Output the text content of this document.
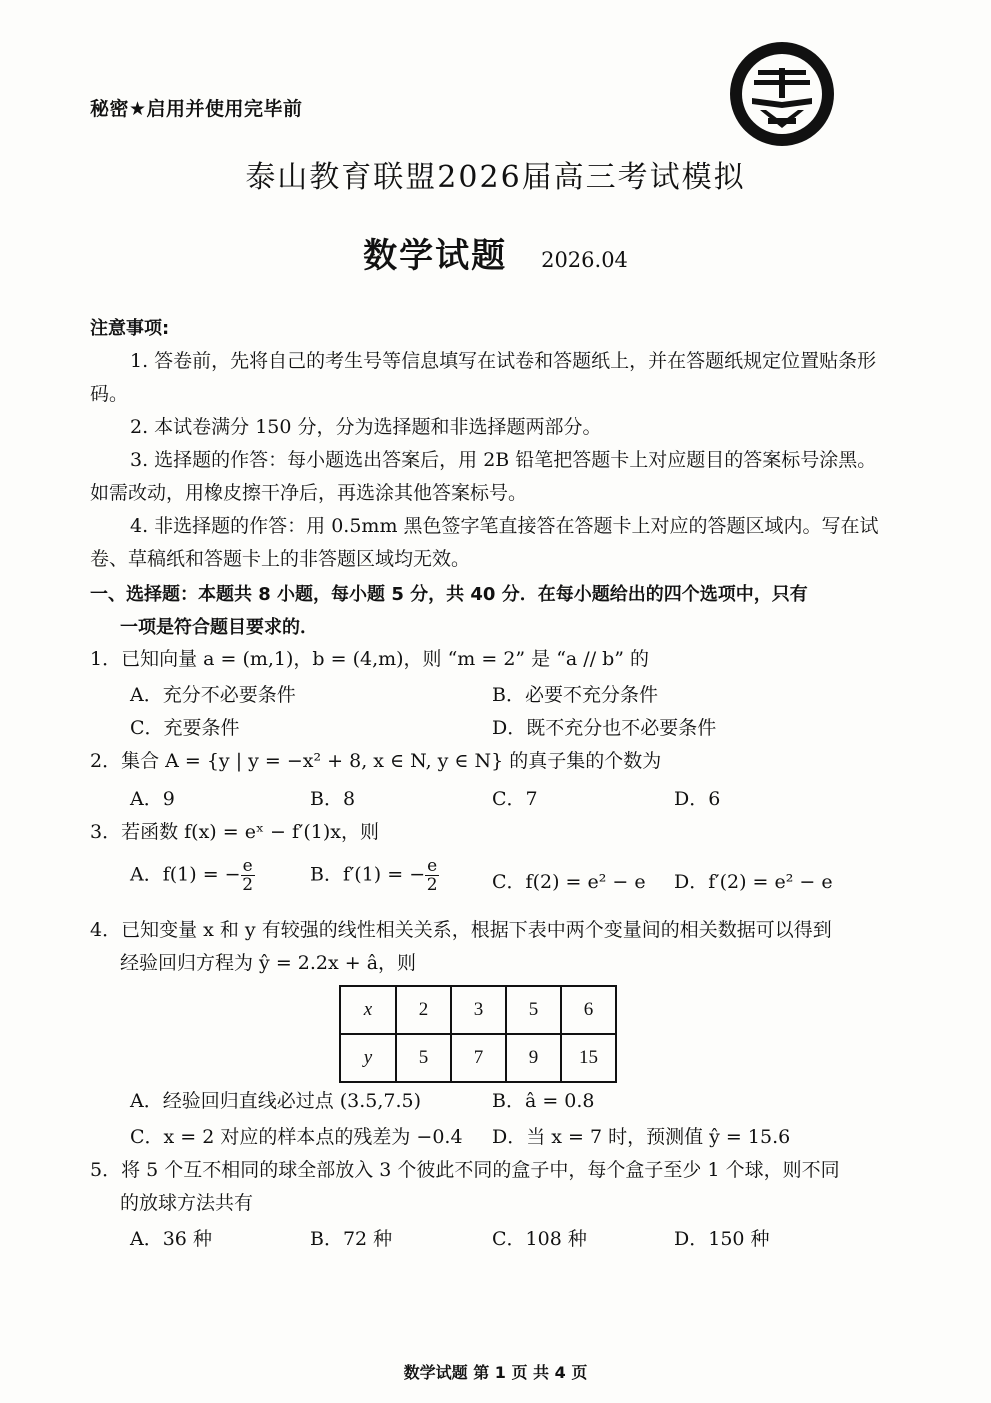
秘密★启用并使用完毕前
泰山教育联盟2026届高三考试模拟
数学试题 2026.04
注意事项:

1. 答卷前，先将自己的考生号等信息填写在试卷和答题纸上，并在答题纸规定位置贴条形码。

2. 本试卷满分 150 分，分为选择题和非选择题两部分。

3. 选择题的作答：每小题选出答案后，用 2B 铅笔把答题卡上对应题目的答案标号涂黑。如需改动，用橡皮擦干净后，再选涂其他答案标号。

4. 非选择题的作答：用 0.5mm 黑色签字笔直接答在答题卡上对应的答题区域内。写在试卷、草稿纸和答题卡上的非答题区域均无效。

一、选择题：本题共 8 小题，每小题 5 分，共 40 分．在每小题给出的四个选项中，只有
一项是符合题目要求的．
1．已知向量 a = (m,1)，b = (4,m)，则 “m = 2” 是 “a // b” 的
A．充分不必要条件	B．必要不充分条件
C．充要条件	D．既不充分也不必要条件
2．集合 A = {y | y = −x² + 8, x ∈ N, y ∈ N} 的真子集的个数为
A．9	B．8	C．7	D．6
3．若函数 f(x) = eˣ − f′(1)x，则
A．f(1) = − $\frac{e}{2}$	B．f′(1) = − $\frac{e}{2}$	C．f(2) = e² − e D．f′(2) = e² − e
4．已知变量 x 和 y 有较强的线性相关关系，根据下表中两个变量间的相关数据可以得到
经验回归方程为 ŷ = 2.2x + â，则
x	2	3	5	6
y	5	7	9	15
A．经验回归直线必过点 (3.5,7.5)	B．â = 0.8
C．x = 2 对应的样本点的残差为 −0.4 D．当 x = 7 时，预测值 ŷ = 15.6
5．将 5 个互不相同的球全部放入 3 个彼此不同的盒子中，每个盒子至少 1 个球，则不同
的放球方法共有
A．36 种	B．72 种	C．108 种	D．150 种
数学试题 第 1 页 共 4 页
